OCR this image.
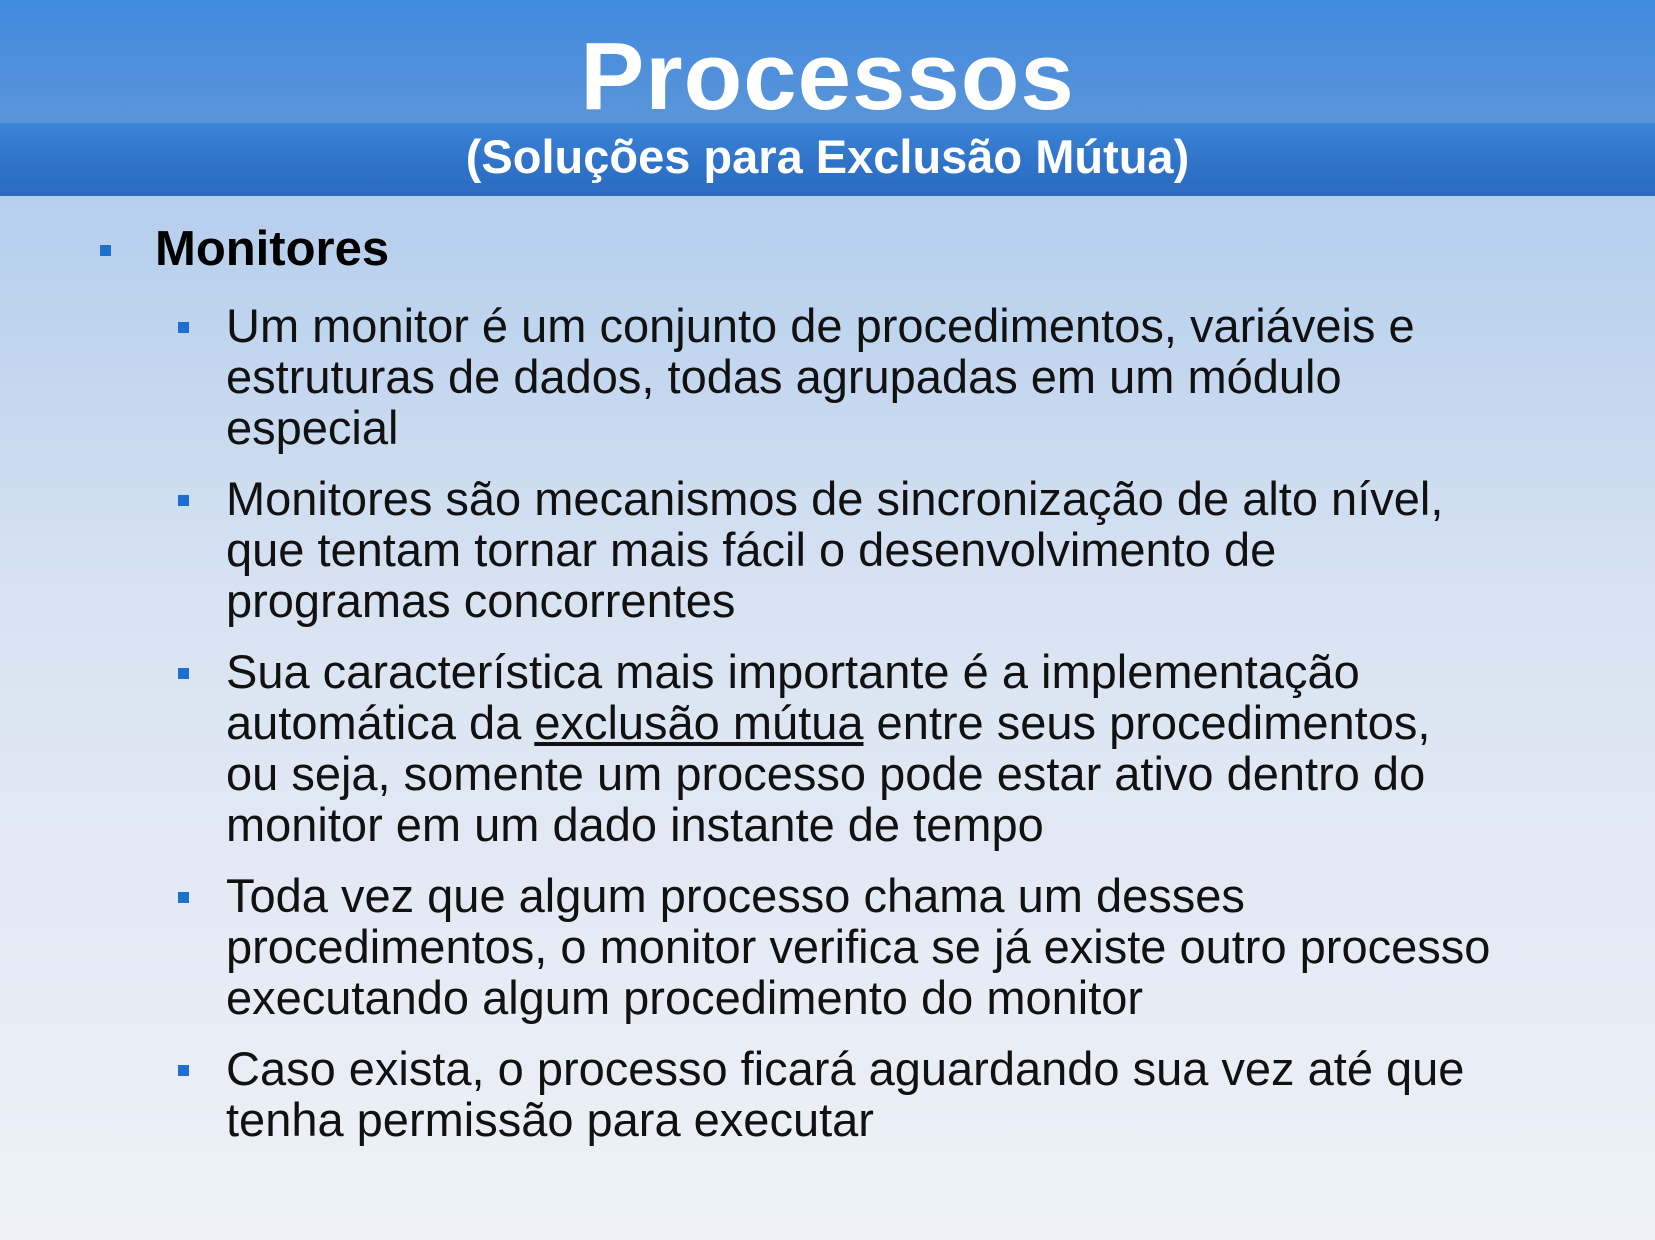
Processos
(Soluções para Exclusão Mútua)
Monitores
Um monitor é um conjunto de procedimentos, variáveis e
estruturas de dados, todas agrupadas em um módulo
especial
Monitores são mecanismos de sincronização de alto nível,
que tentam tornar mais fácil o desenvolvimento de
programas concorrentes
Sua característica mais importante é a implementação
automática da exclusão mútua entre seus procedimentos,
ou seja, somente um processo pode estar ativo dentro do
monitor em um dado instante de tempo
Toda vez que algum processo chama um desses
procedimentos, o monitor verifica se já existe outro processo
executando algum procedimento do monitor
Caso exista, o processo ficará aguardando sua vez até que
tenha permissão para executar
